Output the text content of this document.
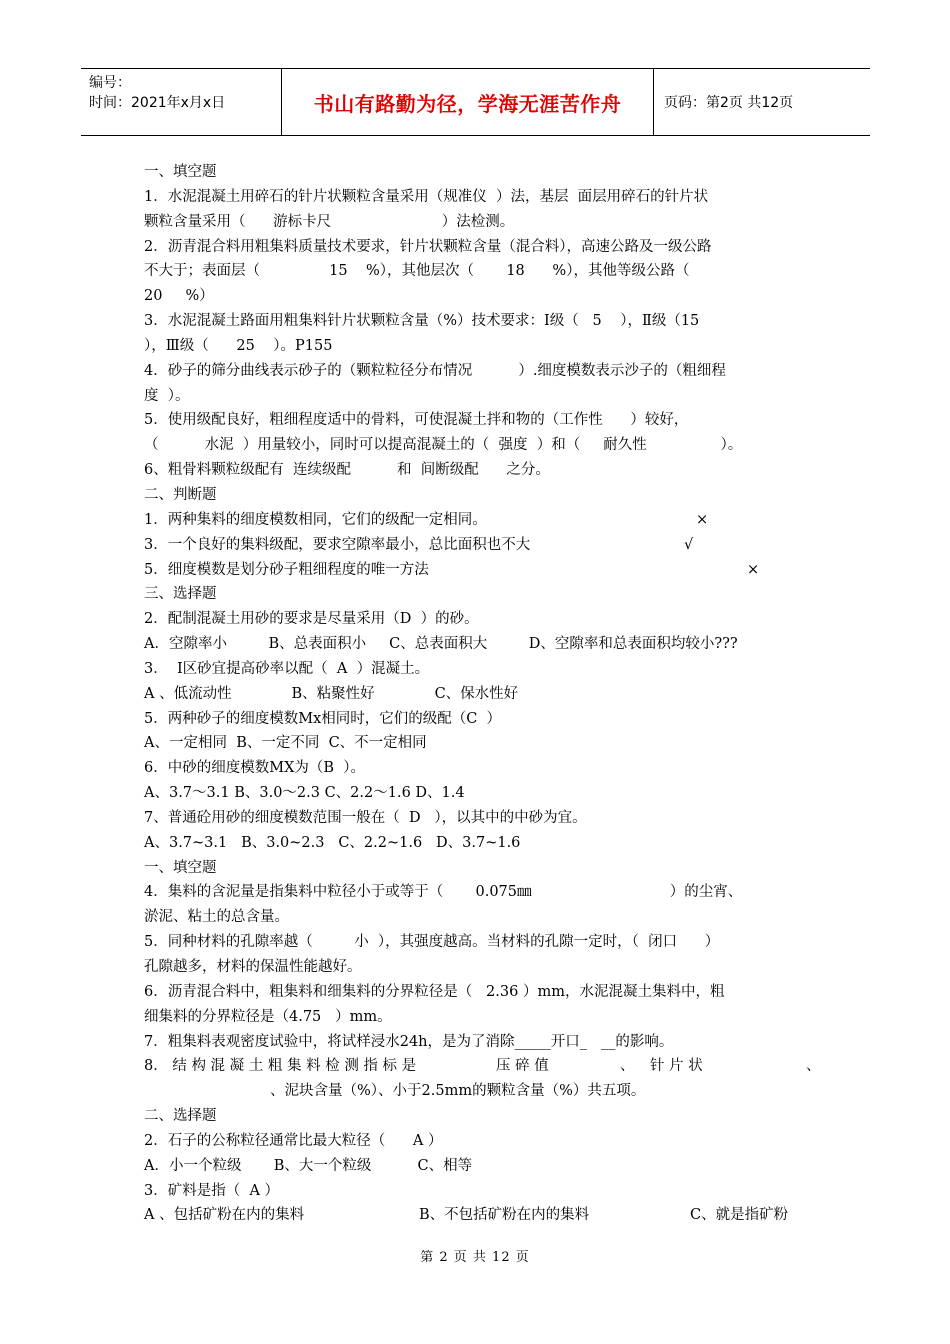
编号：
时间：2021年x月x日	书山有路勤为径，学海无涯苦作舟	页码：第2页 共12页
一、填空题
1．水泥混凝土用碎石的针片状颗粒含量采用（规准仪  ）法，基层  面层用碎石的针片状
颗粒含量采用（      游标卡尺                        ）法检测。
2．沥青混合料用粗集料质量技术要求，针片状颗粒含量（混合料），高速公路及一级公路
不大于；表面层（               15    %），其他层次（       18      %），其他等级公路（
20     %）
3．水泥混凝土路面用粗集料针片状颗粒含量（%）技术要求：Ⅰ级（   5    ），Ⅱ级（15
），Ⅲ级（      25    ）。P155
4．砂子的筛分曲线表示砂子的（颗粒粒径分布情况          ）.细度模数表示沙子的（粗细程
度  ）。
5．使用级配良好，粗细程度适中的骨料，可使混凝土拌和物的（工作性      ）较好，
（          水泥  ）用量较小，同时可以提高混凝土的（  强度  ）和（     耐久性                ）。
6、粗骨料颗粒级配有  连续级配          和  间断级配      之分。
二、判断题
1．两种集料的细度模数相同，它们的级配一定相同。	×
3．一个良好的集料级配，要求空隙率最小，总比面积也不大	√
5．细度模数是划分砂子粗细程度的唯一方法	×
三、选择题
2．配制混凝土用砂的要求是尽量采用（D  ）的砂。
A．空隙率小         B、总表面积小     C、总表面积大         D、空隙率和总表面积均较小???
3．  I区砂宜提高砂率以配（  A  ）混凝土。
A 、低流动性             B、粘聚性好             C、保水性好
5．两种砂子的细度模数Mx相同时，它们的级配（C  ）
A、一定相同  B、一定不同  C、不一定相同
6．中砂的细度模数MX为（B  ）。
A、3.7～3.1 B、3.0～2.3 C、2.2～1.6 D、1.4
7、普通砼用砂的细度模数范围一般在（  D   ），以其中的中砂为宜。
A、3.7~3.1   B、3.0~2.3   C、2.2~1.6   D、3.7~1.6
一、填空题
4．集料的含泥量是指集料中粒径小于或等于（       0.075㎜                              ）的尘宵、
淤泥、粘土的总含量。
5．同种材料的孔隙率越（         小  ），其强度越高。当材料的孔隙一定时，（  闭口      ）
孔隙越多，材料的保温性能越好。
6．沥青混合料中，粗集料和细集料的分界粒径是（   2.36 ）mm，水泥混凝土集料中，粗
细集料的分界粒径是（4.75   ）mm。
7．粗集料表观密度试验中，将试样浸水24h，是为了消除_____开口_   __的影响。
8． 结 构 混 凝 土 粗 集 料 检 测 指 标 是	压 碎 值	、 针 片 状	、
、泥块含量（%）、小于2.5mm的颗粒含量（%）共五项。
二、选择题
2．石子的公称粒径通常比最大粒径（      A ）
A．小一个粒级       B、大一个粒级          C、相等
3．矿料是指（  A ）
A 、包括矿粉在内的集料	B、不包括矿粉在内的集料	C、就是指矿粉
第 2 页 共 12 页
